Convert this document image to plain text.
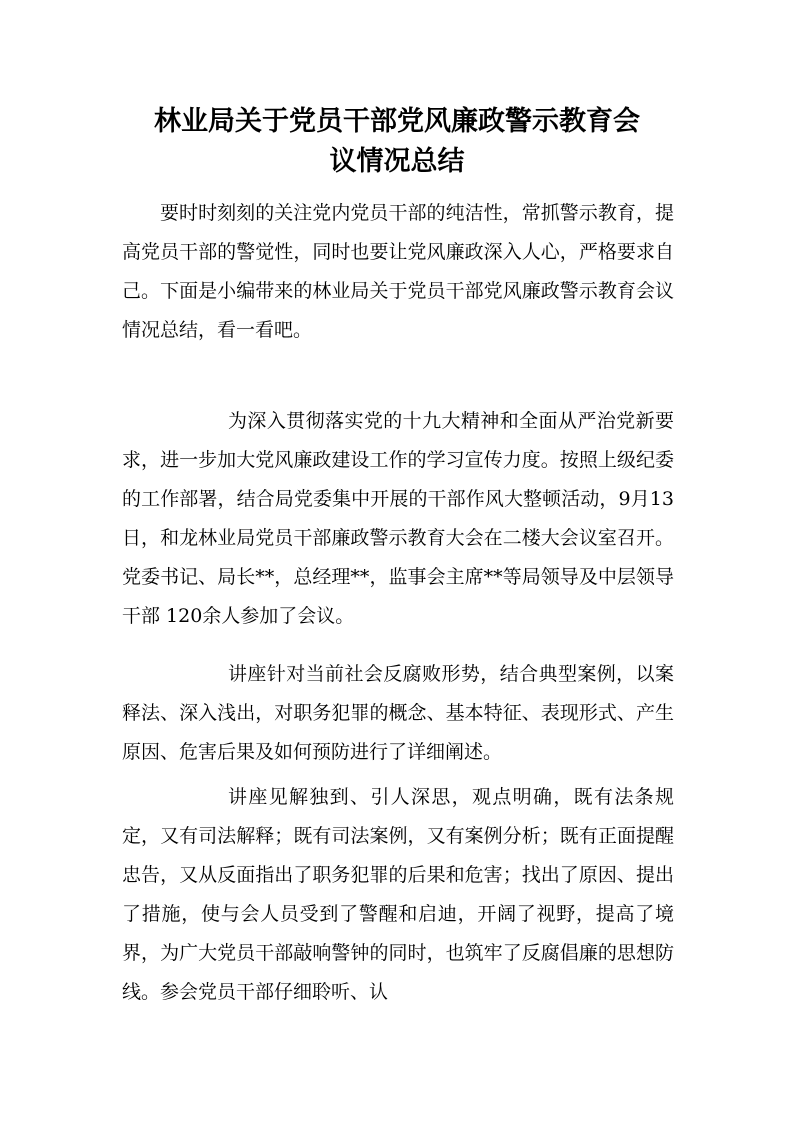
林业局关于党员干部党风廉政警示教育会
议情况总结

要时时刻刻的关注党内党员干部的纯洁性，常抓警示教育，提高党员干部的警觉性，同时也要让党风廉政深入人心，严格要求自己。下面是小编带来的林业局关于党员干部党风廉政警示教育会议情况总结，看一看吧。

为深入贯彻落实党的十九大精神和全面从严治党新要求，进一步加大党风廉政建设工作的学习宣传力度。按照上级纪委的工作部署，结合局党委集中开展的干部作风大整顿活动，9月13日，和龙林业局党员干部廉政警示教育大会在二楼大会议室召开。党委书记、局长**，总经理**，监事会主席**等局领导及中层领导干部 120余人参加了会议。

讲座针对当前社会反腐败形势，结合典型案例，以案释法、深入浅出，对职务犯罪的概念、基本特征、表现形式、产生原因、危害后果及如何预防进行了详细阐述。

讲座见解独到、引人深思，观点明确，既有法条规定，又有司法解释；既有司法案例，又有案例分析；既有正面提醒忠告，又从反面指出了职务犯罪的后果和危害；找出了原因、提出了措施，使与会人员受到了警醒和启迪，开阔了视野，提高了境界，为广大党员干部敲响警钟的同时，也筑牢了反腐倡廉的思想防线。参会党员干部仔细聆听、认
